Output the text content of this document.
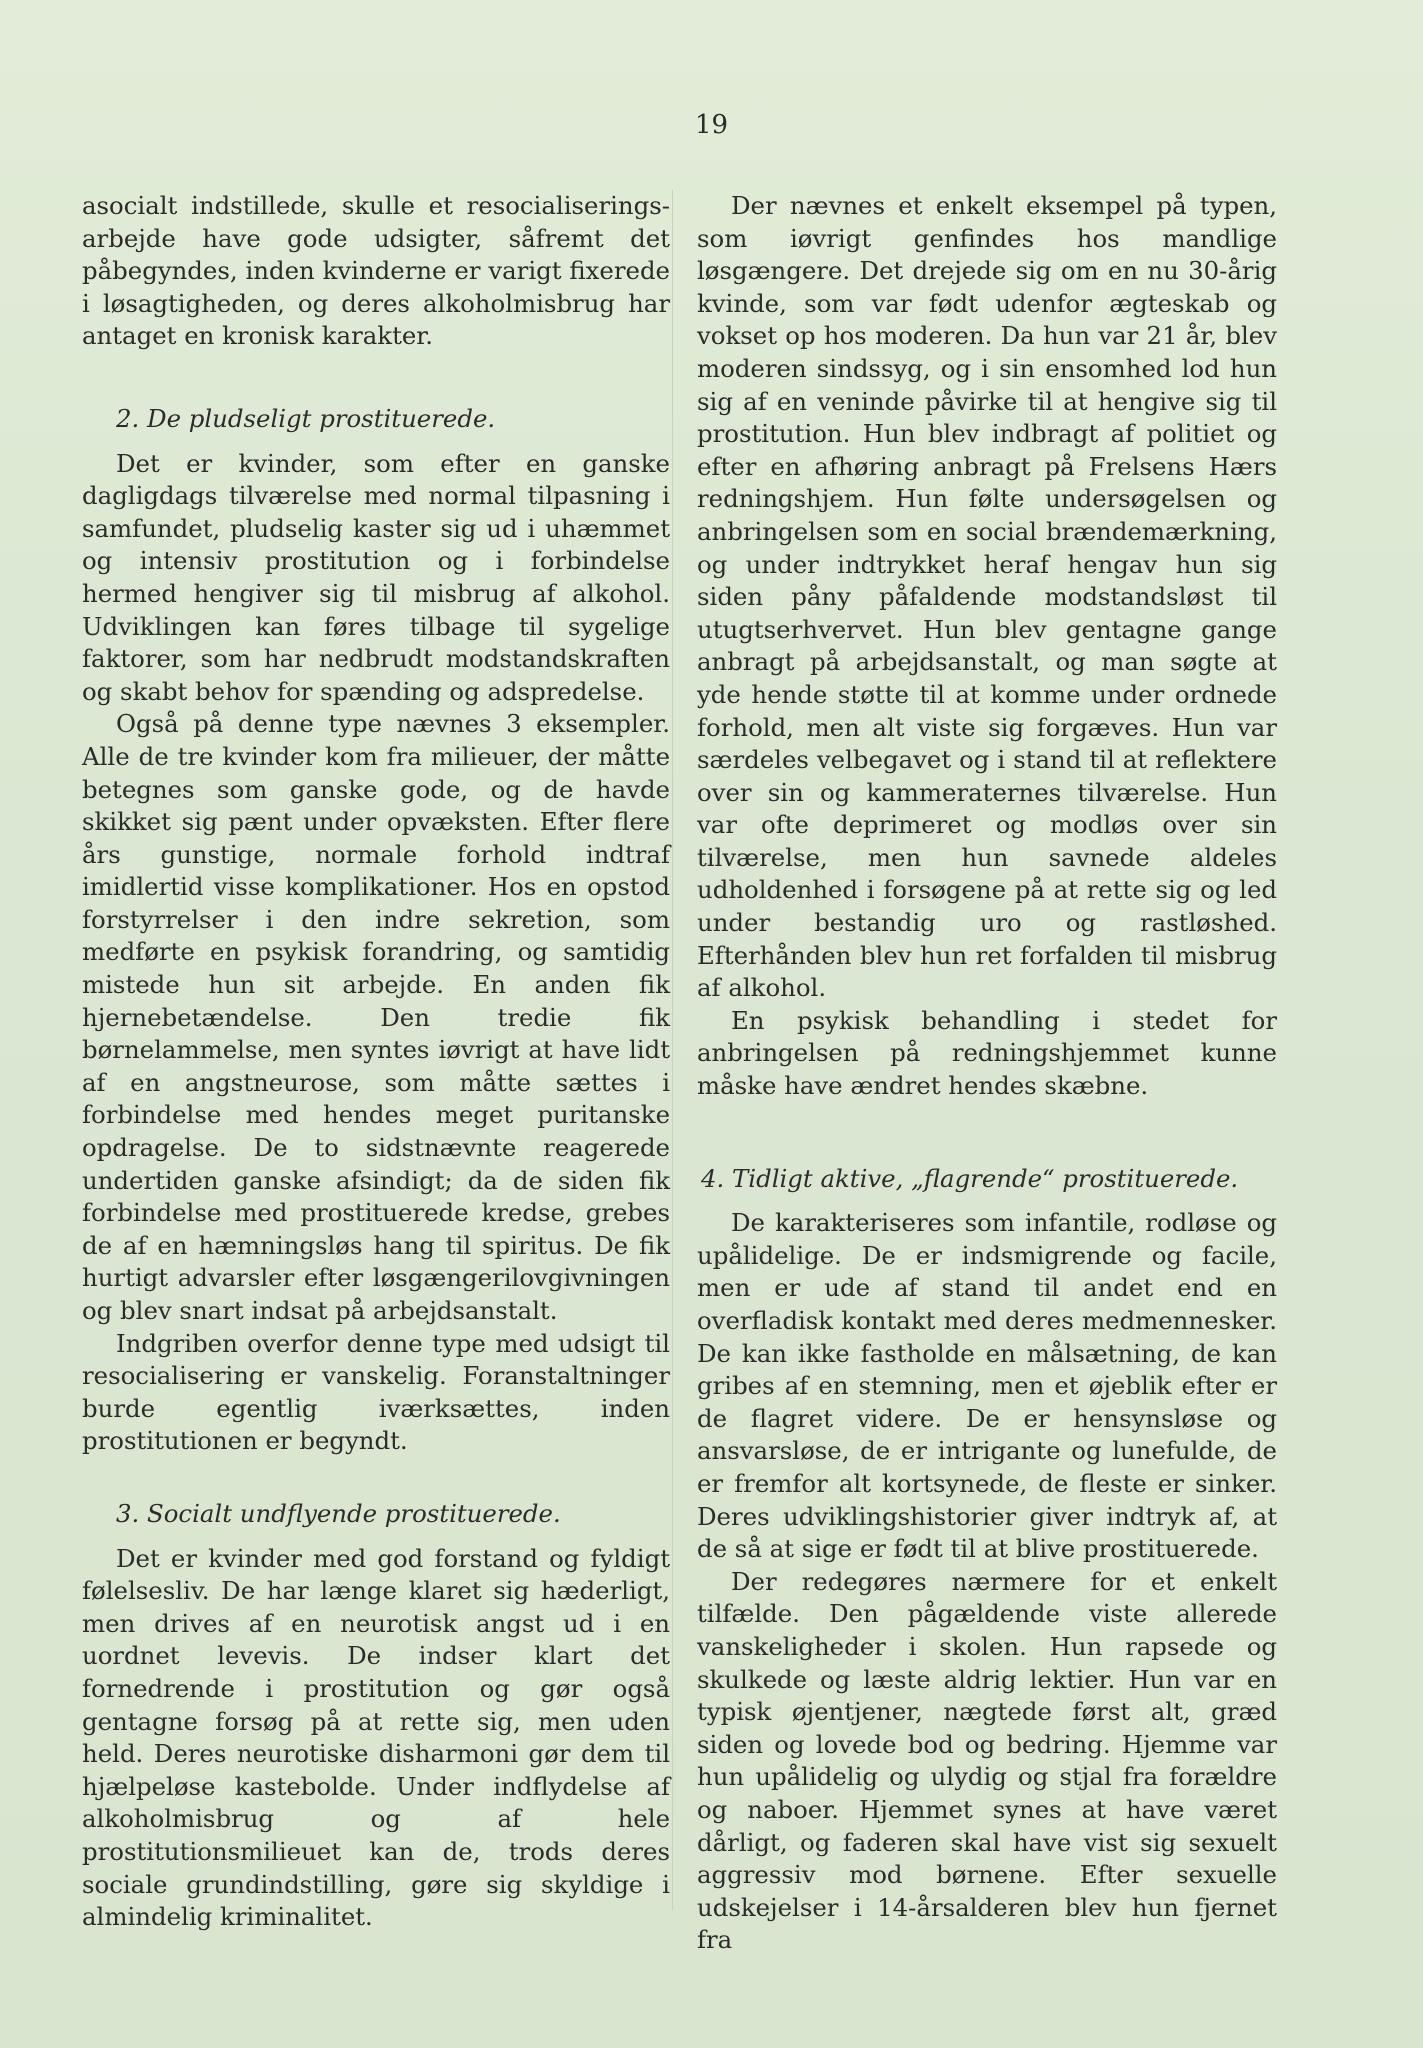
19

asocialt indstillede, skulle et resocialiserings-arbejde have gode udsigter, såfremt det påbegyndes, inden kvinderne er varigt fixerede i løsagtigheden, og deres alkoholmisbrug har antaget en kronisk karakter.

2. De pludseligt prostituerede.

Det er kvinder, som efter en ganske dagligdags tilværelse med normal tilpasning i samfundet, pludselig kaster sig ud i uhæmmet og intensiv prostitution og i forbindelse hermed hengiver sig til misbrug af alkohol. Udviklingen kan føres tilbage til sygelige faktorer, som har nedbrudt modstandskraften og skabt behov for spænding og adspredelse.

Også på denne type nævnes 3 eksempler. Alle de tre kvinder kom fra milieuer, der måtte betegnes som ganske gode, og de havde skikket sig pænt under opvæksten. Efter flere års gunstige, normale forhold indtraf imidlertid visse komplikationer. Hos en opstod forstyrrelser i den indre sekretion, som medførte en psykisk forandring, og samtidig mistede hun sit arbejde. En anden fik hjernebetændelse. Den tredie fik børnelammelse, men syntes iøvrigt at have lidt af en angstneurose, som måtte sættes i forbindelse med hendes meget puritanske opdragelse. De to sidstnævnte reagerede undertiden ganske afsindigt; da de siden fik forbindelse med prostituerede kredse, grebes de af en hæmningsløs hang til spiritus. De fik hurtigt advarsler efter løsgængerilovgivningen og blev snart indsat på arbejdsanstalt.

Indgriben overfor denne type med udsigt til resocialisering er vanskelig. Foranstaltninger burde egentlig iværksættes, inden prostitutionen er begyndt.

3. Socialt undflyende prostituerede.

Det er kvinder med god forstand og fyldigt følelsesliv. De har længe klaret sig hæderligt, men drives af en neurotisk angst ud i en uordnet levevis. De indser klart det fornedrende i prostitution og gør også gentagne forsøg på at rette sig, men uden held. Deres neurotiske disharmoni gør dem til hjælpeløse kastebolde. Under indflydelse af alkoholmisbrug og af hele prostitutionsmilieuet kan de, trods deres sociale grundindstilling, gøre sig skyldige i almindelig kriminalitet.

Der nævnes et enkelt eksempel på typen, som iøvrigt genfindes hos mandlige løsgængere. Det drejede sig om en nu 30-årig kvinde, som var født udenfor ægteskab og vokset op hos moderen. Da hun var 21 år, blev moderen sindssyg, og i sin ensomhed lod hun sig af en veninde påvirke til at hengive sig til prostitution. Hun blev indbragt af politiet og efter en afhøring anbragt på Frelsens Hærs redningshjem. Hun følte undersøgelsen og anbringelsen som en social brændemærkning, og under indtrykket heraf hengav hun sig siden påny påfaldende modstandsløst til utugtserhvervet. Hun blev gentagne gange anbragt på arbejdsanstalt, og man søgte at yde hende støtte til at komme under ordnede forhold, men alt viste sig forgæves. Hun var særdeles velbegavet og i stand til at reflektere over sin og kammeraternes tilværelse. Hun var ofte deprimeret og modløs over sin tilværelse, men hun savnede aldeles udholdenhed i forsøgene på at rette sig og led under bestandig uro og rastløshed. Efterhånden blev hun ret forfalden til misbrug af alkohol.

En psykisk behandling i stedet for anbringelsen på redningshjemmet kunne måske have ændret hendes skæbne.

4. Tidligt aktive, „flagrende“ prostituerede.

De karakteriseres som infantile, rodløse og upålidelige. De er indsmigrende og facile, men er ude af stand til andet end en overfladisk kontakt med deres medmennesker. De kan ikke fastholde en målsætning, de kan gribes af en stemning, men et øjeblik efter er de flagret videre. De er hensynsløse og ansvarsløse, de er intrigante og lunefulde, de er fremfor alt kortsynede, de fleste er sinker. Deres udviklingshistorier giver indtryk af, at de så at sige er født til at blive prostituerede.

Der redegøres nærmere for et enkelt tilfælde. Den pågældende viste allerede vanskeligheder i skolen. Hun rapsede og skulkede og læste aldrig lektier. Hun var en typisk øjentjener, nægtede først alt, græd siden og lovede bod og bedring. Hjemme var hun upålidelig og ulydig og stjal fra forældre og naboer. Hjemmet synes at have været dårligt, og faderen skal have vist sig sexuelt aggressiv mod børnene. Efter sexuelle udskejelser i 14-årsalderen blev hun fjernet fra
